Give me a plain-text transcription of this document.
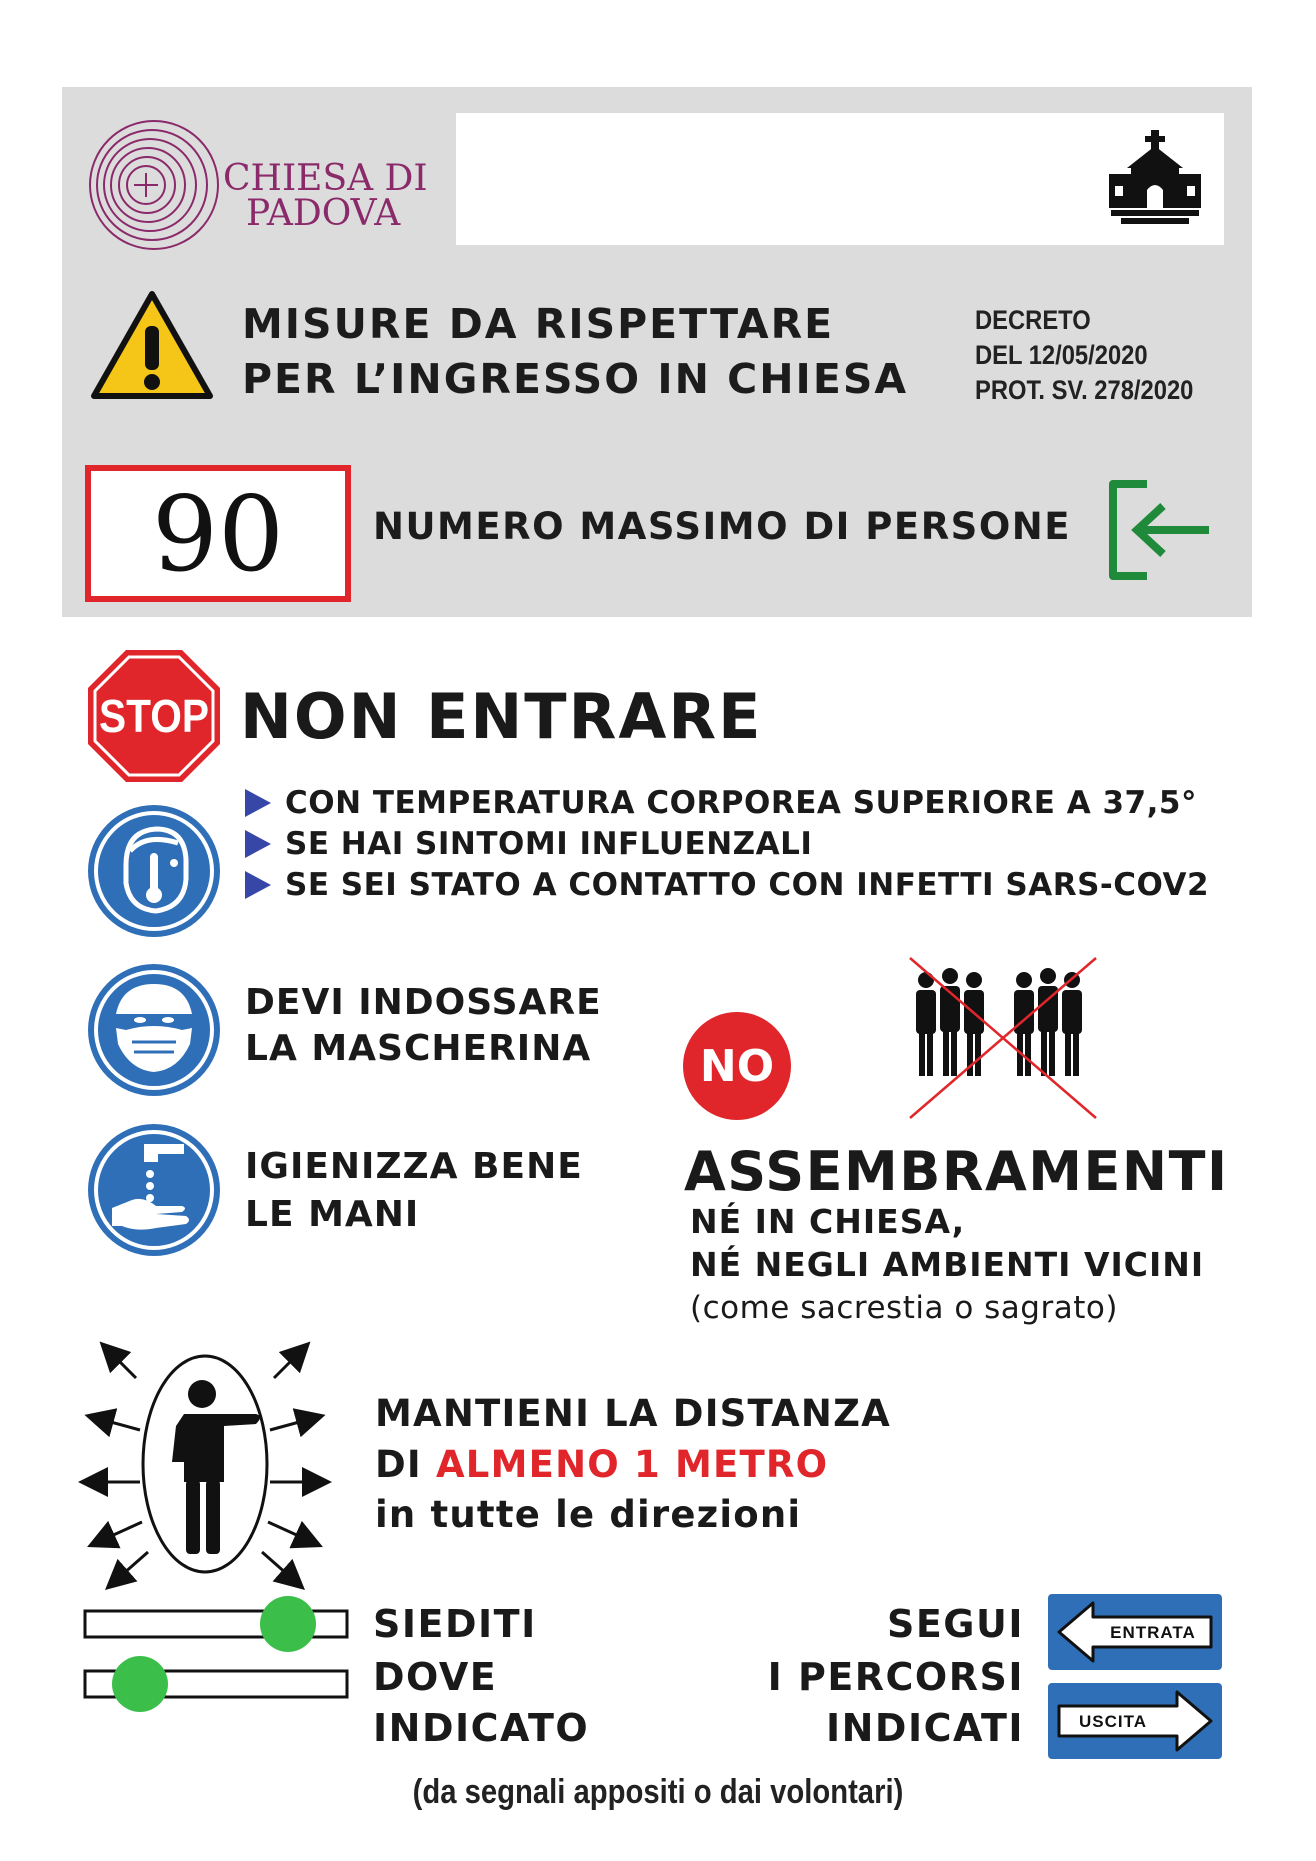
CHIESA DI
PADOVA
MISURE DA RISPETTARE
PER L’INGRESSO IN CHIESA
DECRETO
DEL 12/05/2020
PROT. SV. 278/2020
90 NUMERO MASSIMO DI PERSONE
STOP NON ENTRARE
CON TEMPERATURA CORPOREA SUPERIORE A 37,5°
SE HAI SINTOMI INFLUENZALI
SE SEI STATO A CONTATTO CON INFETTI SARS-COV2
DEVI INDOSSARE
LA MASCHERINA
IGIENIZZA BENE
LE MANI
NO
ASSEMBRAMENTI
NÉ IN CHIESA,
NÉ NEGLI AMBIENTI VICINI
(come sacrestia o sagrato)
MANTIENI LA DISTANZA
DI ALMENO 1 METRO
in tutte le direzioni
SIEDITI
DOVE
INDICATO
SEGUI
I PERCORSI
INDICATI
ENTRATA
USCITA
(da segnali appositi o dai volontari)
